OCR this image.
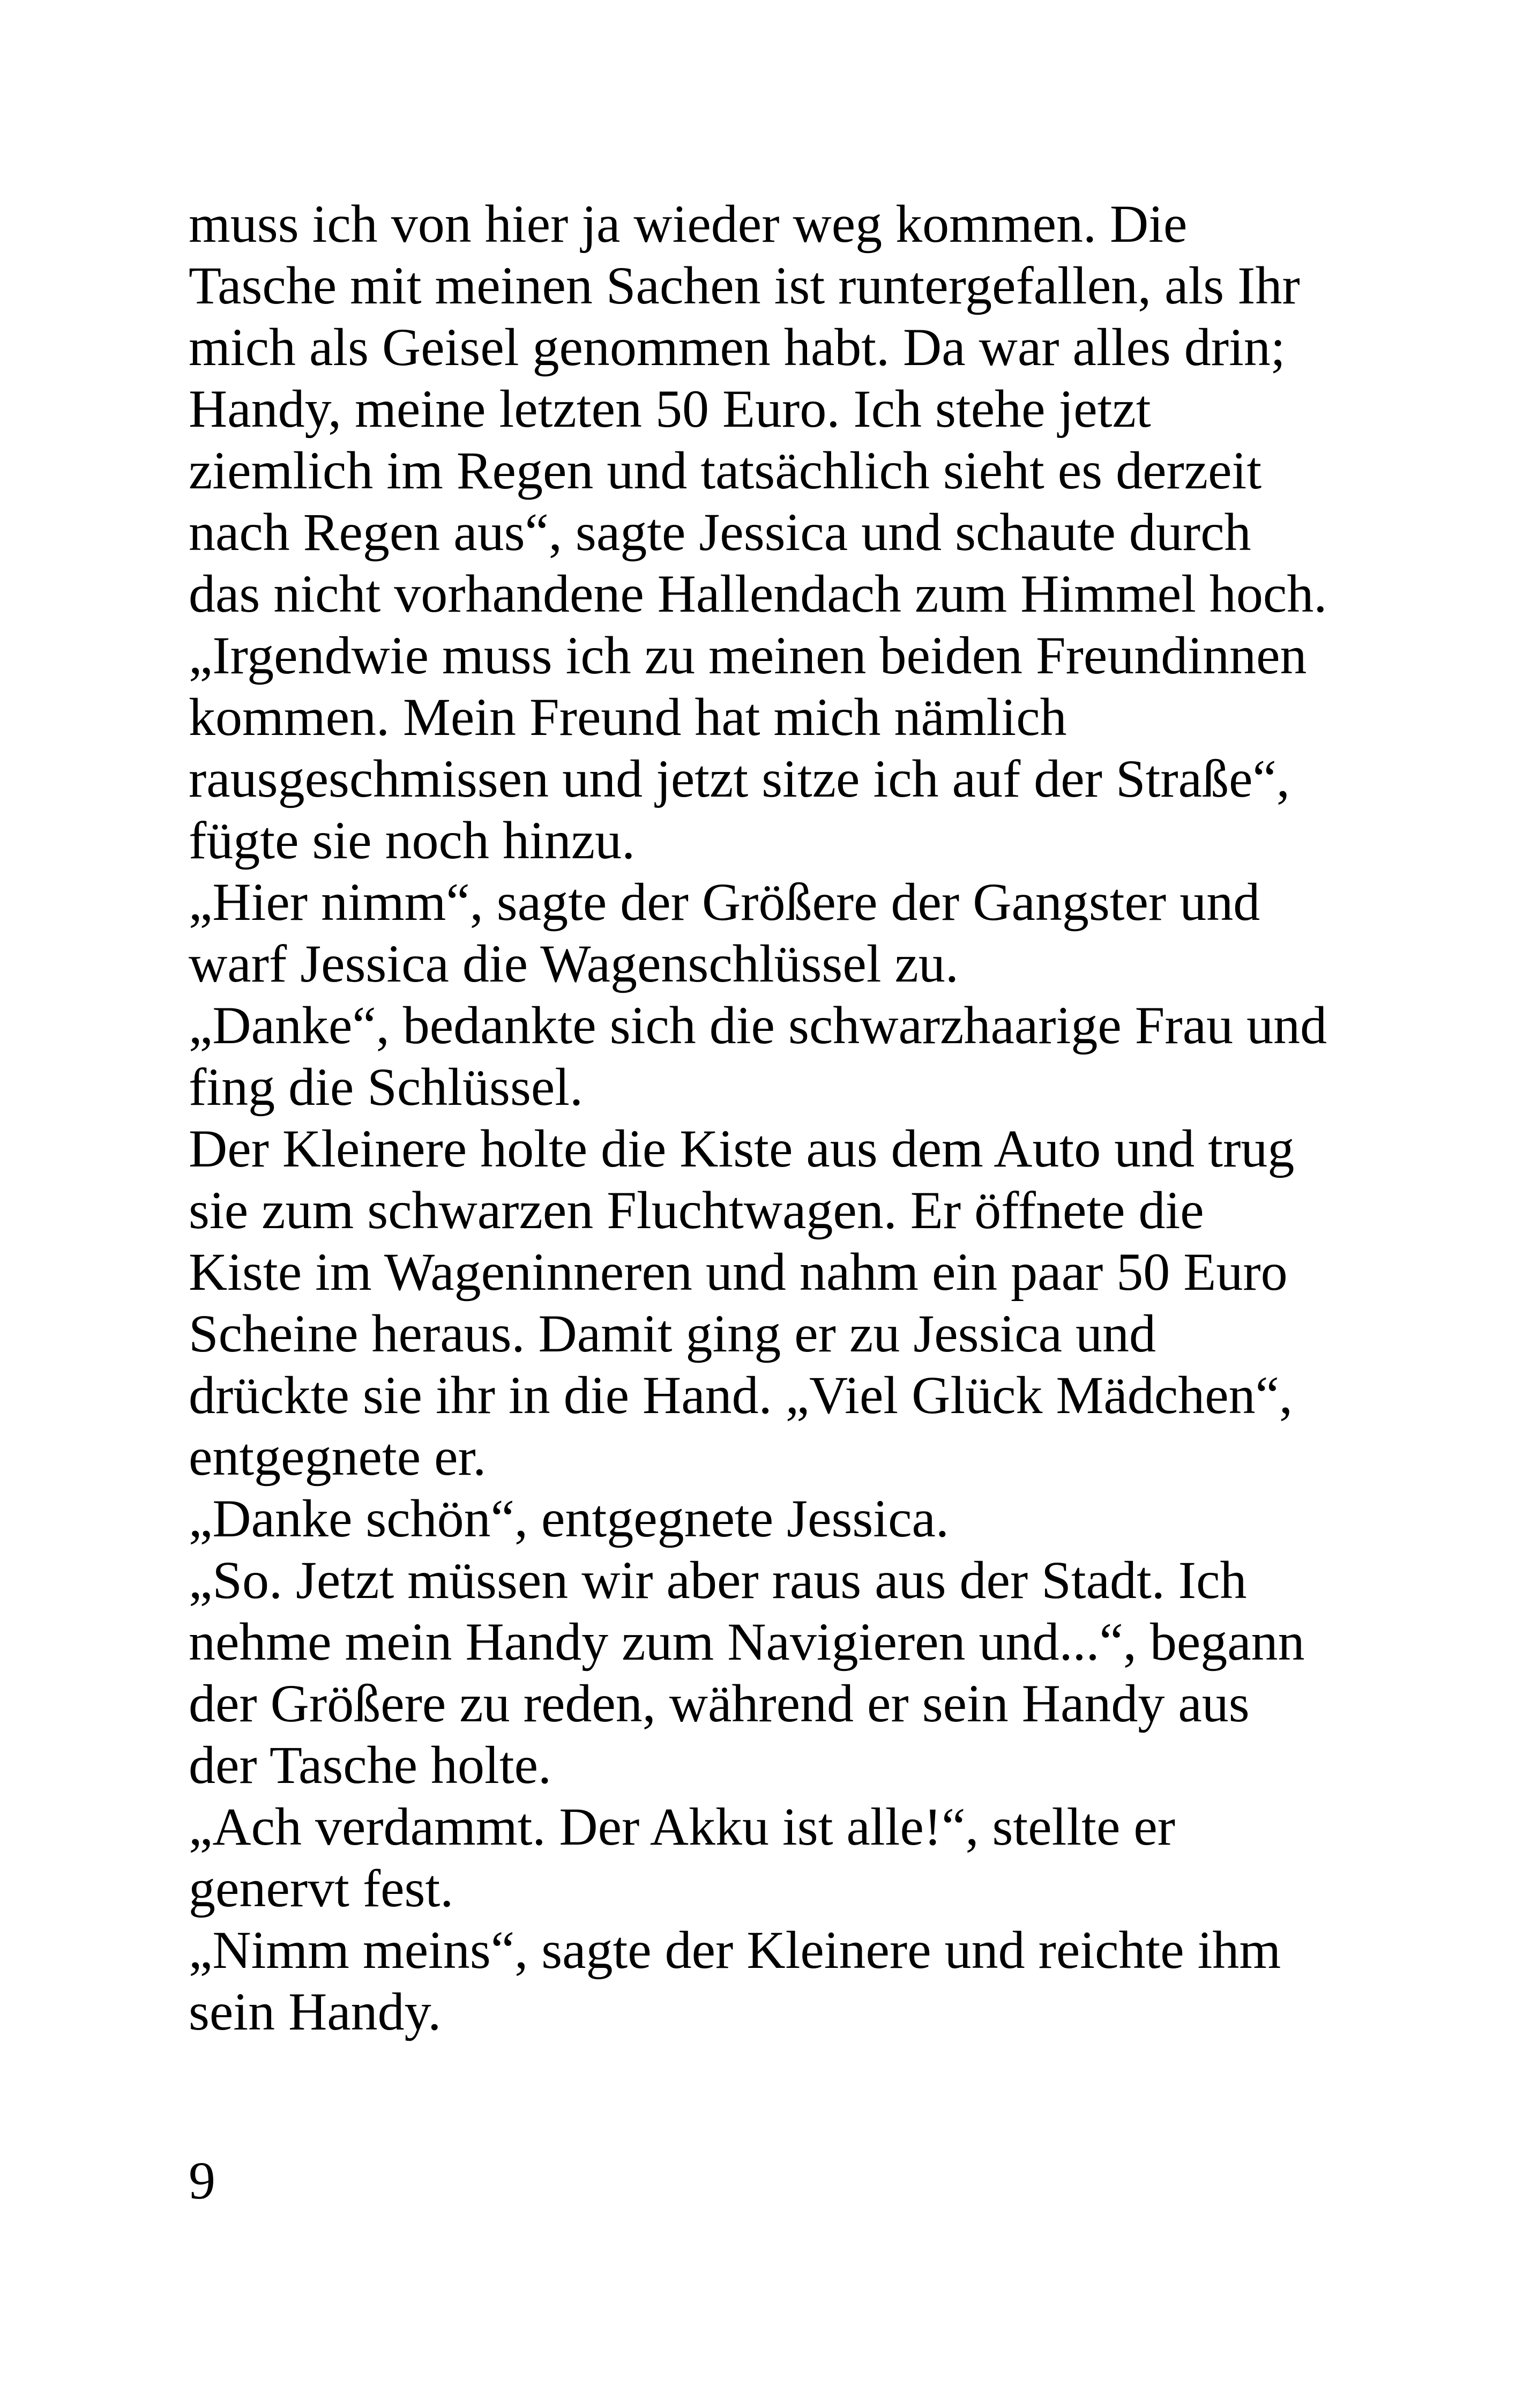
muss ich von hier ja wieder weg kommen. Die
Tasche mit meinen Sachen ist runtergefallen, als Ihr
mich als Geisel genommen habt. Da war alles drin;
Handy, meine letzten 50 Euro. Ich stehe jetzt
ziemlich im Regen und tatsächlich sieht es derzeit
nach Regen aus“, sagte Jessica und schaute durch
das nicht vorhandene Hallendach zum Himmel hoch.
„Irgendwie muss ich zu meinen beiden Freundinnen
kommen. Mein Freund hat mich nämlich
rausgeschmissen und jetzt sitze ich auf der Straße“,
fügte sie noch hinzu.
„Hier nimm“, sagte der Größere der Gangster und
warf Jessica die Wagenschlüssel zu.
„Danke“, bedankte sich die schwarzhaarige Frau und
fing die Schlüssel.
Der Kleinere holte die Kiste aus dem Auto und trug
sie zum schwarzen Fluchtwagen. Er öffnete die
Kiste im Wageninneren und nahm ein paar 50 Euro
Scheine heraus. Damit ging er zu Jessica und
drückte sie ihr in die Hand. „Viel Glück Mädchen“,
entgegnete er.
„Danke schön“, entgegnete Jessica.
„So. Jetzt müssen wir aber raus aus der Stadt. Ich
nehme mein Handy zum Navigieren und...“, begann
der Größere zu reden, während er sein Handy aus
der Tasche holte.
„Ach verdammt. Der Akku ist alle!“, stellte er
genervt fest.
„Nimm meins“, sagte der Kleinere und reichte ihm
sein Handy.
9
